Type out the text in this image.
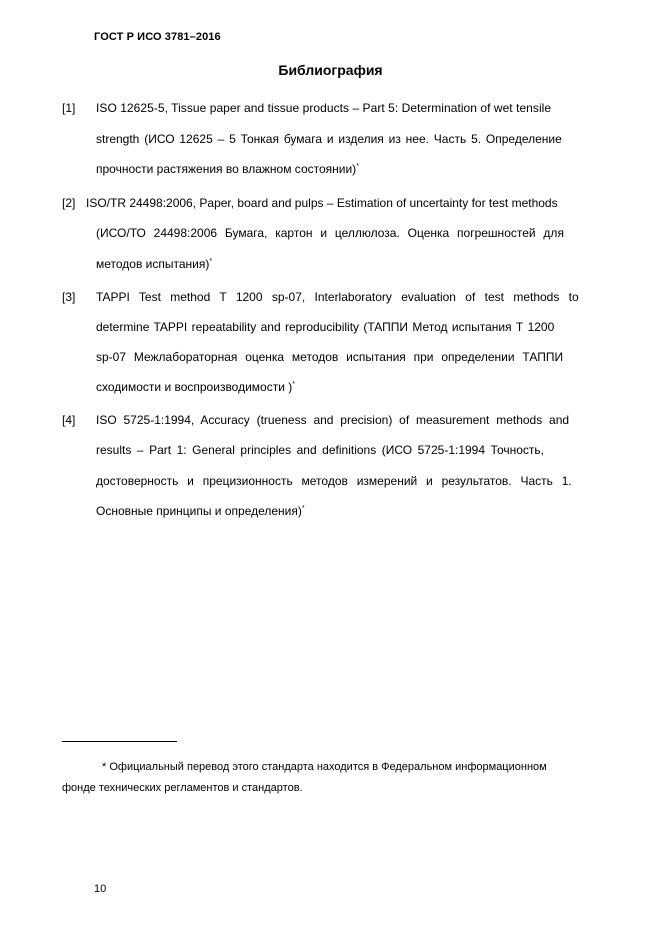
ГОСТ Р ИСО 3781–2016
Библиография
[1] ISO 12625-5, Tissue paper and tissue products – Part 5: Determination of wet tensile
strength (ИСО 12625 – 5 Тонкая бумага и изделия из нее. Часть 5. Определение
прочности растяжения во влажном состоянии)*
[2] ISO/TR 24498:2006, Paper, board and pulps – Estimation of uncertainty for test methods
(ИСО/ТО 24498:2006 Бумага, картон и целлюлоза. Оценка погрешностей для
методов испытания)*
[3] TAPPI Test method T 1200 sp-07, Interlaboratory evaluation of test methods to
determine TAPPI repeatability and reproducibility (ТАППИ Метод испытания Т 1200
sp-07 Межлабораторная оценка методов испытания при определении ТАППИ
сходимости и воспроизводимости )*
[4] ISO 5725-1:1994, Accuracy (trueness and precision) of measurement methods and
results – Part 1: General principles and definitions (ИСО 5725-1:1994 Точность,
достоверность и прецизионность методов измерений и результатов. Часть 1.
Основные принципы и определения)*
* Официальный перевод этого стандарта находится в Федеральном информационном
фонде технических регламентов и стандартов.
10
